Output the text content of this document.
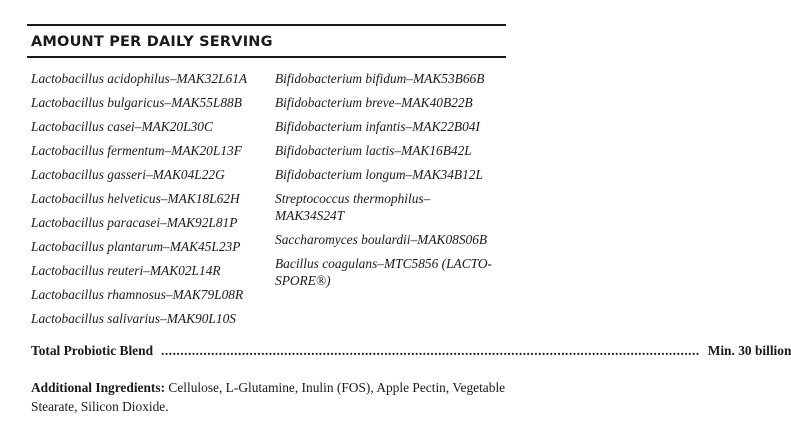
AMOUNT PER DAILY SERVING
Lactobacillus acidophilus–MAK32L61A
Lactobacillus bulgaricus–MAK55L88B
Lactobacillus casei–MAK20L30C
Lactobacillus fermentum–MAK20L13F
Lactobacillus gasseri–MAK04L22G
Lactobacillus helveticus–MAK18L62H
Lactobacillus paracasei–MAK92L81P
Lactobacillus plantarum–MAK45L23P
Lactobacillus reuteri–MAK02L14R
Lactobacillus rhamnosus–MAK79L08R
Lactobacillus salivarius–MAK90L10S
Bifidobacterium bifidum–MAK53B66B
Bifidobacterium breve–MAK40B22B
Bifidobacterium infantis–MAK22B04I
Bifidobacterium lactis–MAK16B42L
Bifidobacterium longum–MAK34B12L
Streptococcus thermophilus– MAK34S24T
Saccharomyces boulardii–MAK08S06B
Bacillus coagulans–MTC5856 (LACTO-SPORE®)
Total Probiotic Blend ............................................................................................................................................ Min. 30 billion
Additional Ingredients: Cellulose, L-Glutamine, Inulin (FOS), Apple Pectin, Vegetable Stearate, Silicon Dioxide.
